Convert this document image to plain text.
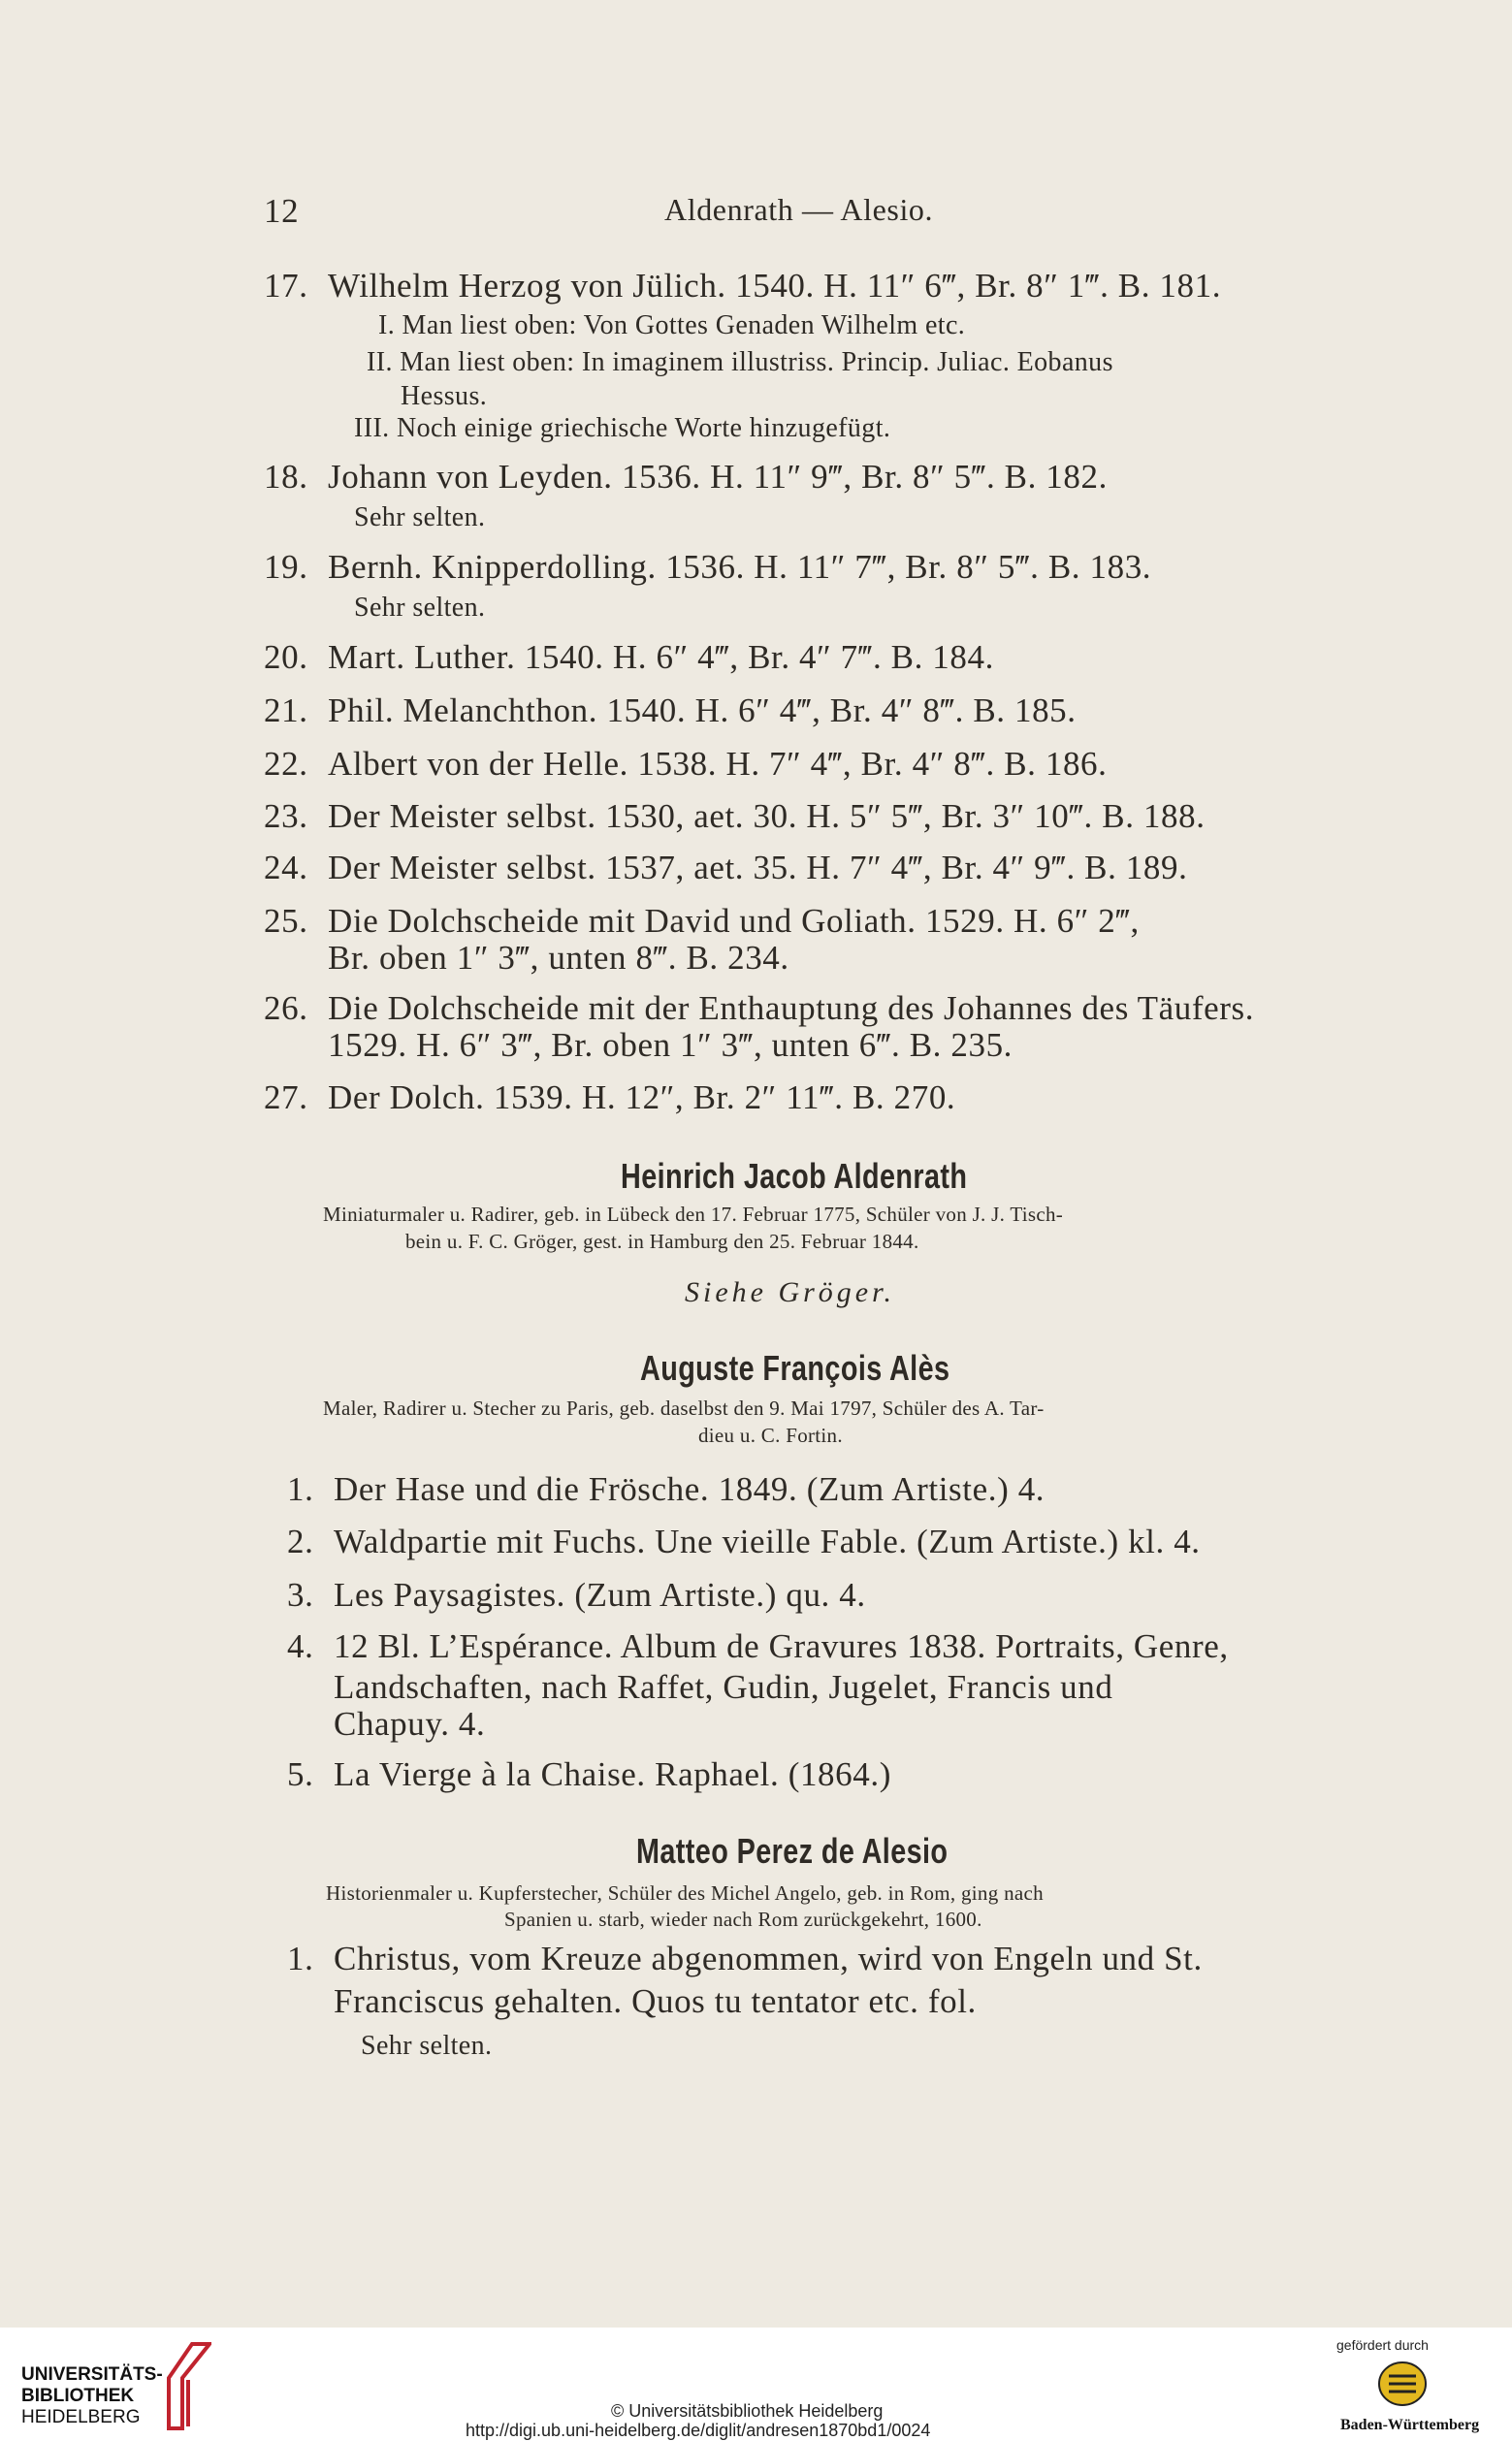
12	Aldenrath — Alesio.
17. Wilhelm Herzog von Jülich. 1540. H. 11″ 6‴, Br. 8″ 1‴. B. 181.
I. Man liest oben: Von Gottes Genaden Wilhelm etc.
II. Man liest oben: In imaginem illustriss. Princip. Juliac. Eobanus
Hessus.
III. Noch einige griechische Worte hinzugefügt.
18. Johann von Leyden. 1536. H. 11″ 9‴, Br. 8″ 5‴. B. 182.
Sehr selten.
19. Bernh. Knipperdolling. 1536. H. 11″ 7‴, Br. 8″ 5‴. B. 183.
Sehr selten.
20. Mart. Luther. 1540. H. 6″ 4‴, Br. 4″ 7‴. B. 184.
21. Phil. Melanchthon. 1540. H. 6″ 4‴, Br. 4″ 8‴. B. 185.
22. Albert von der Helle. 1538. H. 7″ 4‴, Br. 4″ 8‴. B. 186.
23. Der Meister selbst. 1530, aet. 30. H. 5″ 5‴, Br. 3″ 10‴. B. 188.
24. Der Meister selbst. 1537, aet. 35. H. 7″ 4‴, Br. 4″ 9‴. B. 189.
25. Die Dolchscheide mit David und Goliath. 1529. H. 6″ 2‴,
Br. oben 1″ 3‴, unten 8‴. B. 234.
26. Die Dolchscheide mit der Enthauptung des Johannes des Täufers.
1529. H. 6″ 3‴, Br. oben 1″ 3‴, unten 6‴. B. 235.
27. Der Dolch. 1539. H. 12″, Br. 2″ 11‴. B. 270.
Heinrich Jacob Aldenrath
Miniaturmaler u. Radirer, geb. in Lübeck den 17. Februar 1775, Schüler von J. J. Tisch-
bein u. F. C. Gröger, gest. in Hamburg den 25. Februar 1844.
Siehe Gröger.
Auguste François Alès
Maler, Radirer u. Stecher zu Paris, geb. daselbst den 9. Mai 1797, Schüler des A. Tar-
dieu u. C. Fortin.
1. Der Hase und die Frösche. 1849. (Zum Artiste.) 4.
2. Waldpartie mit Fuchs. Une vieille Fable. (Zum Artiste.) kl. 4.
3. Les Paysagistes. (Zum Artiste.) qu. 4.
4. 12 Bl. L’Espérance. Album de Gravures 1838. Portraits, Genre,
Landschaften, nach Raffet, Gudin, Jugelet, Francis und
Chapuy. 4.
5. La Vierge à la Chaise. Raphael. (1864.)
Matteo Perez de Alesio
Historienmaler u. Kupferstecher, Schüler des Michel Angelo, geb. in Rom, ging nach
Spanien u. starb, wieder nach Rom zurückgekehrt, 1600.
1. Christus, vom Kreuze abgenommen, wird von Engeln und St.
Franciscus gehalten. Quos tu tentator etc. fol.
Sehr selten.
UNIVERSITÄTS-
BIBLIOTHEK
HEIDELBERG	© Universitätsbibliothek Heidelberg
http://digi.ub.uni-heidelberg.de/diglit/andresen1870bd1/0024
gefördert durch
Baden-Württemberg
